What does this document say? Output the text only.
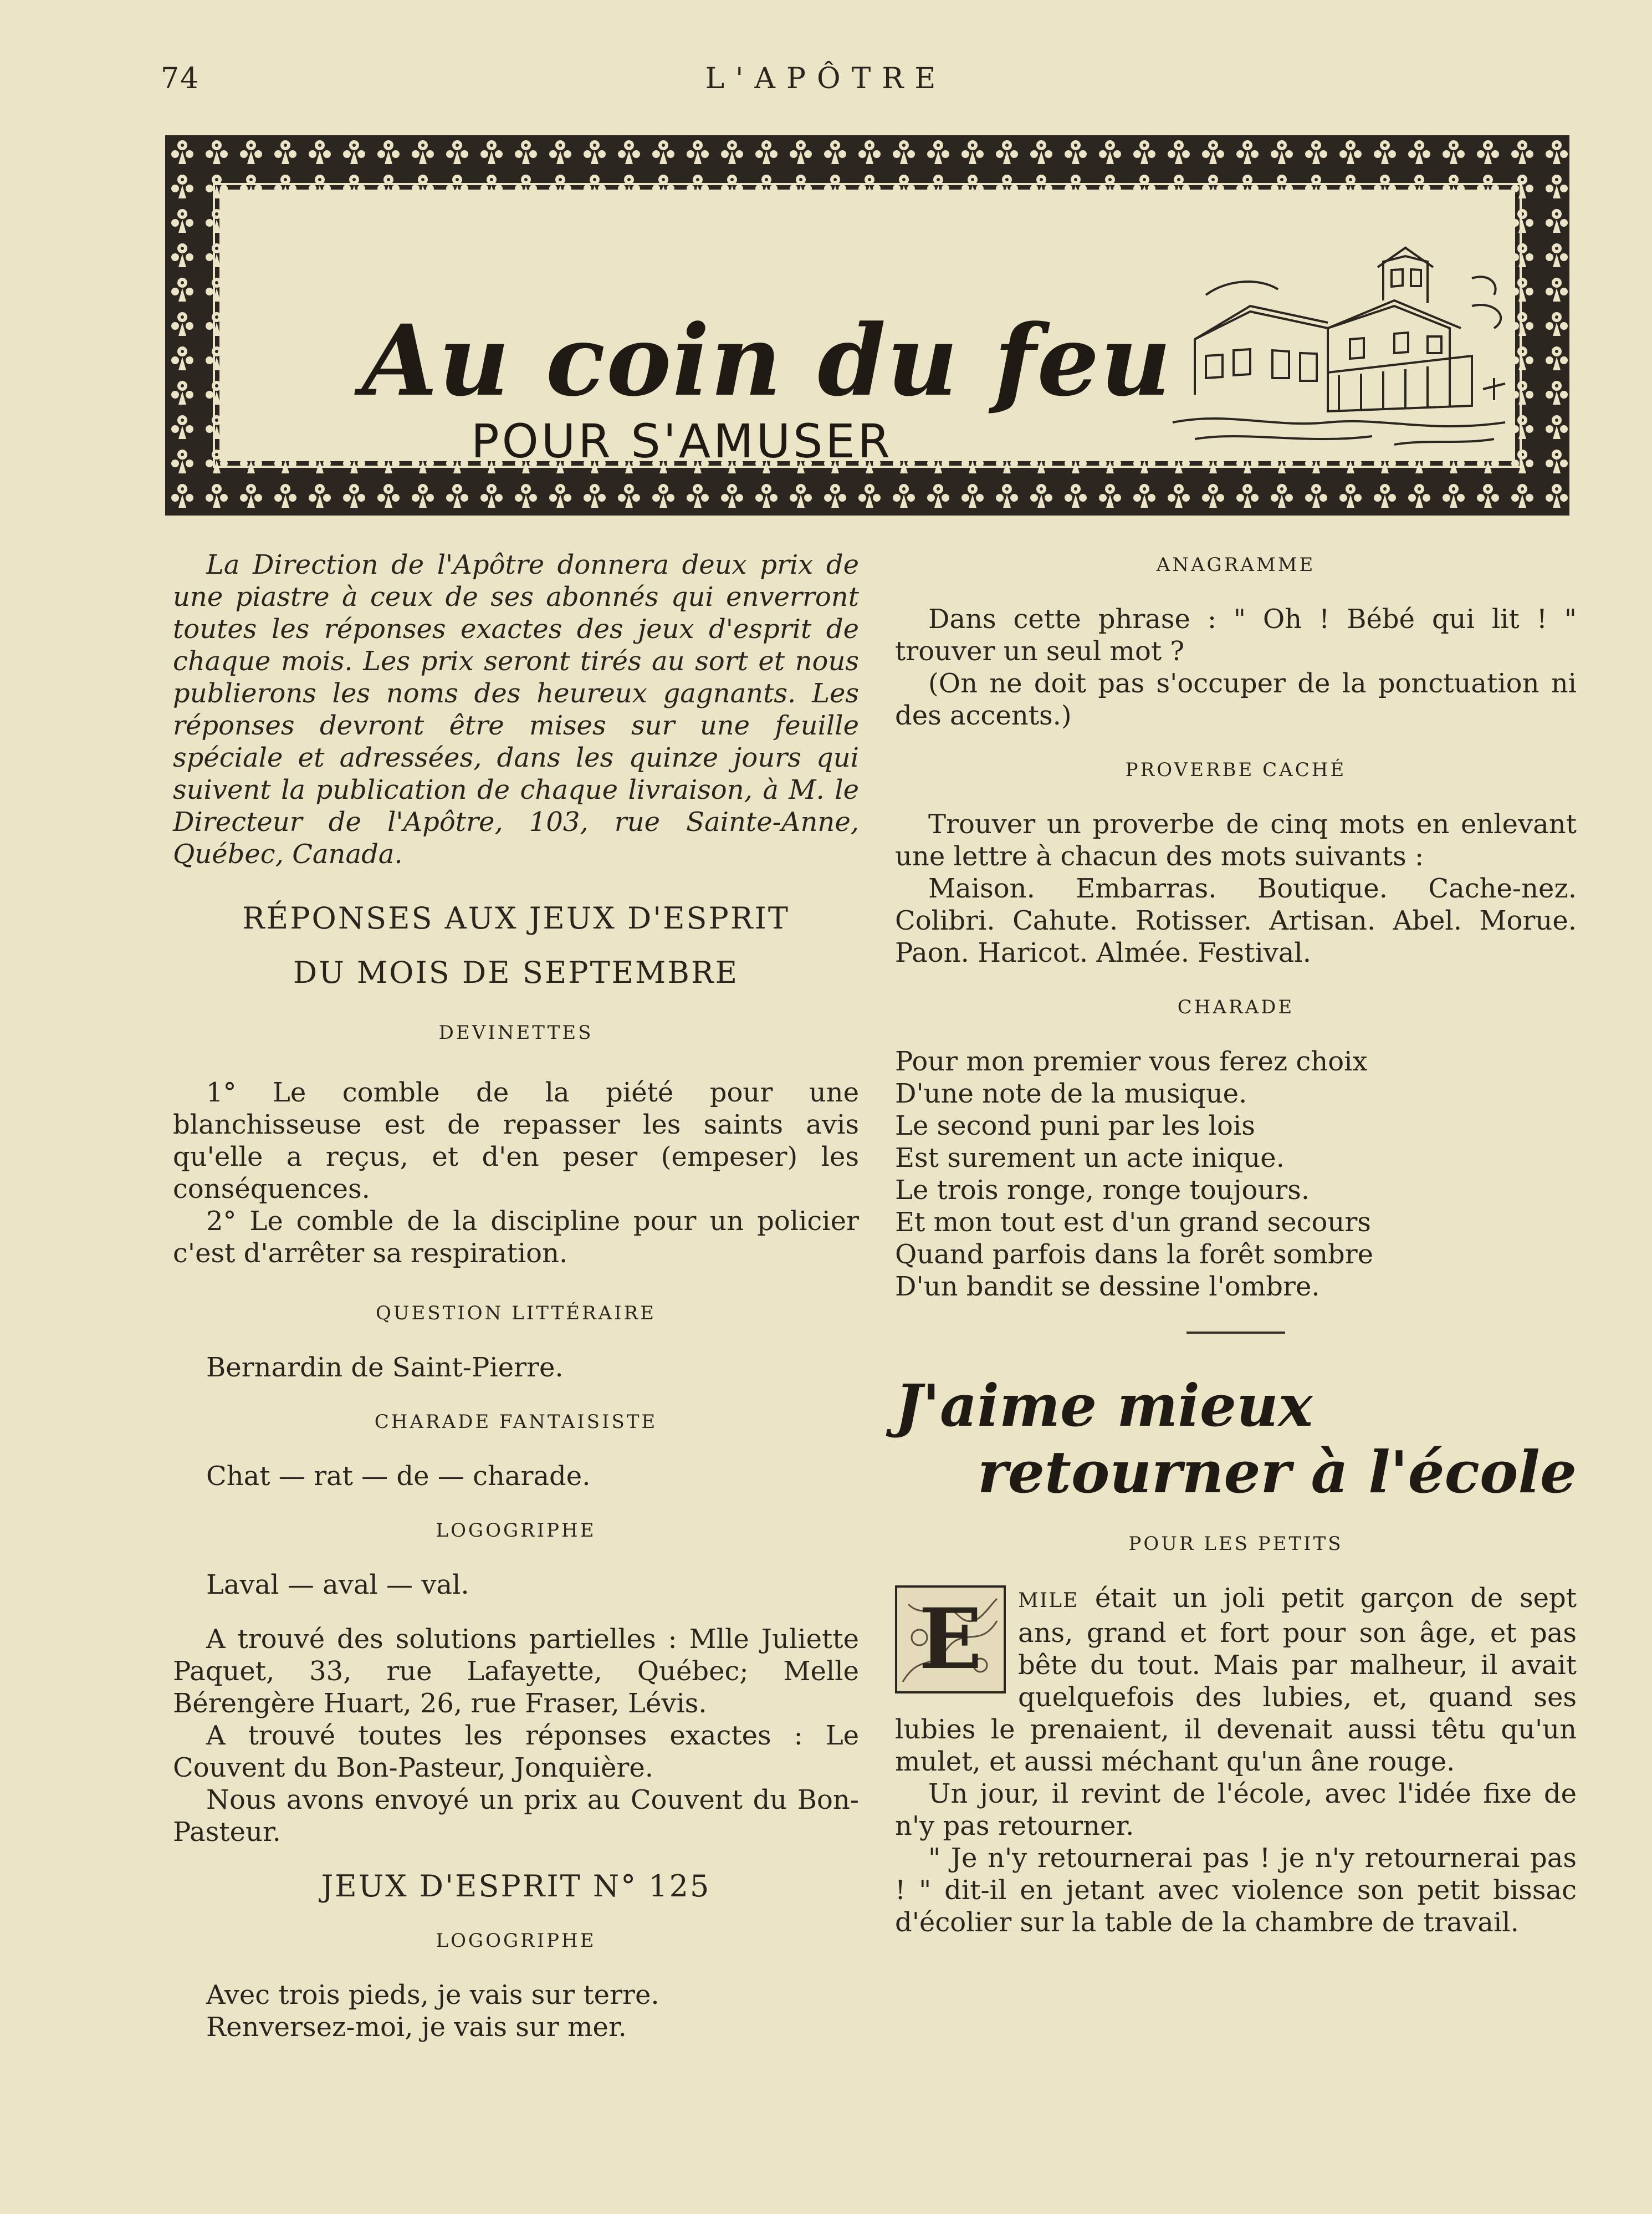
74	L'APÔTRE
Au coin du feu
POUR S'AMUSER

La Direction de l'Apôtre donnera deux prix de une piastre à ceux de ses abonnés qui enverront toutes les réponses exactes des jeux d'esprit de chaque mois. Les prix seront tirés au sort et nous publierons les noms des heureux gagnants. Les réponses devront être mises sur une feuille spéciale et adressées, dans les quinze jours qui suivent la publication de chaque livraison, à M. le Directeur de l'Apôtre, 103, rue Sainte-Anne, Québec, Canada.

RÉPONSES AUX JEUX D'ESPRIT

DU MOIS DE SEPTEMBRE

DEVINETTES

1° Le comble de la piété pour une blanchisseuse est de repasser les saints avis qu'elle a reçus, et d'en peser (empeser) les conséquences.

2° Le comble de la discipline pour un policier c'est d'arrêter sa respiration.

QUESTION LITTÉRAIRE

Bernardin de Saint-Pierre.

CHARADE FANTAISISTE

Chat — rat — de — charade.

LOGOGRIPHE

Laval — aval — val.

A trouvé des solutions partielles : Mlle Juliette Paquet, 33, rue Lafayette, Québec; Melle Bérengère Huart, 26, rue Fraser, Lévis.

A trouvé toutes les réponses exactes : Le Couvent du Bon-Pasteur, Jonquière.

Nous avons envoyé un prix au Couvent du Bon-Pasteur.

JEUX D'ESPRIT N° 125

LOGOGRIPHE

Avec trois pieds, je vais sur terre.

Renversez-moi, je vais sur mer.

ANAGRAMME

Dans cette phrase : " Oh ! Bébé qui lit ! " trouver un seul mot ?

(On ne doit pas s'occuper de la ponctuation ni des accents.)

PROVERBE CACHÉ

Trouver un proverbe de cinq mots en enlevant une lettre à chacun des mots suivants :

Maison. Embarras. Boutique. Cache-nez. Colibri. Cahute. Rotisser. Artisan. Abel. Morue. Paon. Haricot. Almée. Festival.

CHARADE

Pour mon premier vous ferez choix

D'une note de la musique.

Le second puni par les lois

Est surement un acte inique.

Le trois ronge, ronge toujours.

Et mon tout est d'un grand secours

Quand parfois dans la forêt sombre

D'un bandit se dessine l'ombre.

J'aime mieux
retourner à l'école

POUR LES PETITS

E	MILE était un joli petit garçon de sept ans, grand et fort pour son âge, et pas bête du tout. Mais par malheur, il avait quelquefois des lubies, et, quand ses lubies le prenaient, il devenait aussi têtu qu'un mulet, et aussi méchant qu'un âne rouge.

Un jour, il revint de l'école, avec l'idée fixe de n'y pas retourner.

" Je n'y retournerai pas ! je n'y retournerai pas ! " dit-il en jetant avec violence son petit bissac d'écolier sur la table de la chambre de travail.
